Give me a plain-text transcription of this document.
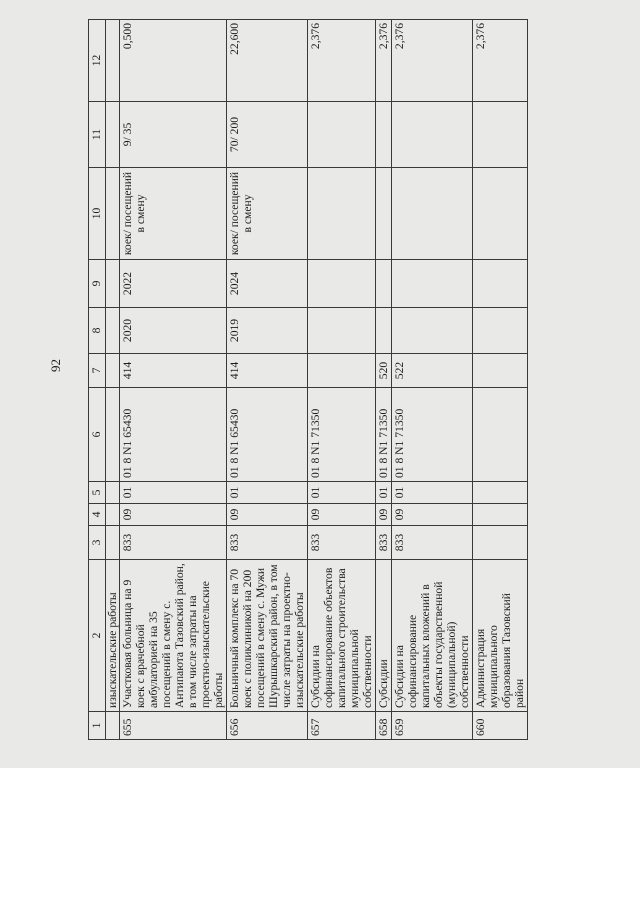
92
1	2	3	4	5	6	7	8	9	10	11	12
	изыскательские работы										
655	Участковая больница на 9 коек с врачебной амбулаторией на 35 посещений в смену с. Антипаюта Тазовский район, в том числе затраты на проектно-изыскательские работы	833	09	01	01 8 N1 65430	414	2020	2022	коек/ посещений в смену	9/ 35	0,500
656	Больничный комплекс на 70 коек с поликлиникой на 200 посещений в смену с. Мужи Шурышкарский район, в том числе затраты на проектно-изыскательские работы	833	09	01	01 8 N1 65430	414	2019	2024	коек/ посещений в смену	70/ 200	22,600
657	Субсидии на софинансирование объектов капитального строительства муниципальной собственности	833	09	01	01 8 N1 71350						2,376
658	Субсидии	833	09	01	01 8 N1 71350	520					2,376
659	Субсидии на софинансирование капитальных вложений в объекты государственной (муниципальной) собственности	833	09	01	01 8 N1 71350	522					2,376
660	Администрация муниципального образования Тазовский район										2,376
